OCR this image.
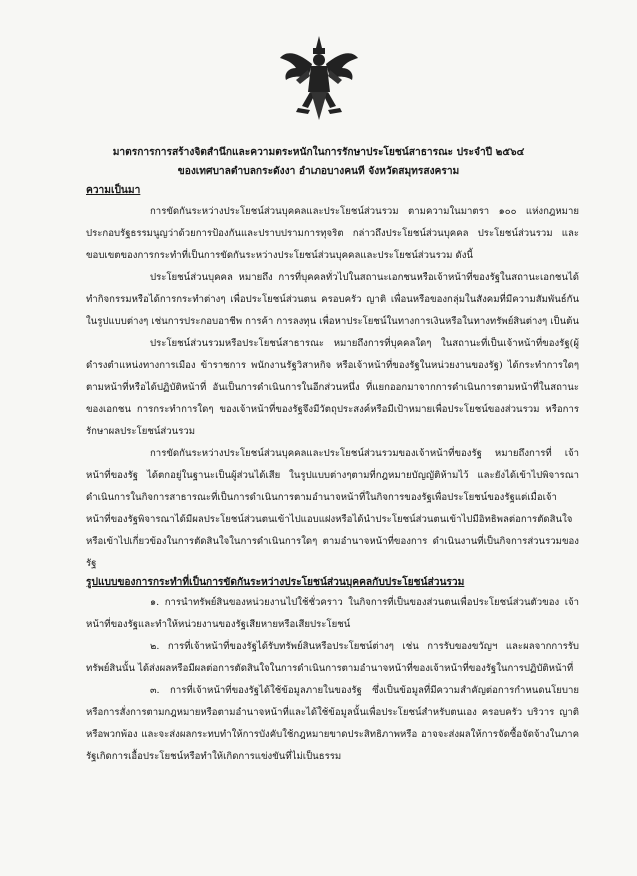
มาตรการการสร้างจิตสำนึกและความตระหนักในการรักษาประโยชน์สาธารณะ ประจำปี ๒๕๖๔
ของเทศบาลตำบลกระดังงา อำเภอบางคนที จังหวัดสมุทรสงคราม
ความเป็นมา

การขัดกันระหว่างประโยชน์ส่วนบุคคลและประโยชน์ส่วนรวม ตามความในมาตรา ๑๐๐ แห่งกฎหมายประกอบรัฐธรรมนูญว่าด้วยการป้องกันและปราบปรามการทุจริต กล่าวถึงประโยชน์ส่วนบุคคล ประโยชน์ส่วนรวม และขอบเขตของการกระทำที่เป็นการขัดกันระหว่างประโยชน์ส่วนบุคคลและประโยชน์ส่วนรวม ดังนี้

ประโยชน์ส่วนบุคคล หมายถึง การที่บุคคลทั่วไปในสถานะเอกชนหรือเจ้าหน้าที่ของรัฐในสถานะเอกชนได้ทำกิจกรรมหรือได้การกระทำต่างๆ เพื่อประโยชน์ส่วนตน ครอบครัว ญาติ เพื่อนหรือของกลุ่มในสังคมที่มีความสัมพันธ์กันในรูปแบบต่างๆ เช่นการประกอบอาชีพ การค้า การลงทุน เพื่อหาประโยชน์ในทางการเงินหรือในทางทรัพย์สินต่างๆ เป็นต้น

ประโยชน์ส่วนรวมหรือประโยชน์สาธารณะ หมายถึงการที่บุคคลใดๆ ในสถานะที่เป็นเจ้าหน้าที่ของรัฐ(ผู้ดำรงตำแหน่งทางการเมือง ข้าราชการ พนักงานรัฐวิสาหกิจ หรือเจ้าหน้าที่ของรัฐในหน่วยงานของรัฐ) ได้กระทำการใดๆ ตามหน้าที่หรือได้ปฏิบัติหน้าที่ อันเป็นการดำเนินการในอีกส่วนหนึ่ง ที่แยกออกมาจากการดำเนินการตามหน้าที่ในสถานะของเอกชน การกระทำการใดๆ ของเจ้าหน้าที่ของรัฐจึงมีวัตถุประสงค์หรือมีเป้าหมายเพื่อประโยชน์ของส่วนรวม หรือการรักษาผลประโยชน์ส่วนรวม

การขัดกันระหว่างประโยชน์ส่วนบุคคลและประโยชน์ส่วนรวมของเจ้าหน้าที่ของรัฐ หมายถึงการที่ เจ้าหน้าที่ของรัฐ ได้ตกอยู่ในฐานะเป็นผู้ส่วนได้เสีย ในรูปแบบต่างๆตามที่กฎหมายบัญญัติห้ามไว้ และยังได้เข้าไปพิจารณาดำเนินการในกิจการสาธารณะที่เป็นการดำเนินการตามอำนาจหน้าที่ในกิจการของรัฐเพื่อประโยชน์ของรัฐแต่เมื่อเจ้าหน้าที่ของรัฐพิจารณาได้มีผลประโยชน์ส่วนตนเข้าไปแอบแฝงหรือได้นำประโยชน์ส่วนตนเข้าไปมีอิทธิพลต่อการตัดสินใจ หรือเข้าไปเกี่ยวข้องในการตัดสินใจในการดำเนินการใดๆ ตามอำนาจหน้าที่ของการ ดำเนินงานที่เป็นกิจการส่วนรวมของรัฐ

รูปแบบของการกระทำที่เป็นการขัดกันระหว่างประโยชน์ส่วนบุคคลกับประโยชน์ส่วนรวม

๑. การนำทรัพย์สินของหน่วยงานไปใช้ชั่วคราว ในกิจการที่เป็นของส่วนตนเพื่อประโยชน์ส่วนตัวของ เจ้าหน้าที่ของรัฐและทำให้หน่วยงานของรัฐเสียหายหรือเสียประโยชน์

๒. การที่เจ้าหน้าที่ของรัฐได้รับทรัพย์สินหรือประโยชน์ต่างๆ เช่น การรับของขวัญฯ และผลจากการรับทรัพย์สินนั้น ได้ส่งผลหรือมีผลต่อการตัดสินใจในการดำเนินการตามอำนาจหน้าที่ของเจ้าหน้าที่ของรัฐในการปฏิบัติหน้าที่

๓. การที่เจ้าหน้าที่ของรัฐได้ใช้ข้อมูลภายในของรัฐ ซึ่งเป็นข้อมูลที่มีความสำคัญต่อการกำหนดนโยบาย หรือการสั่งการตามกฎหมายหรือตามอำนาจหน้าที่และได้ใช้ข้อมูลนั้นเพื่อประโยชน์สำหรับตนเอง ครอบครัว บริวาร ญาติหรือพวกพ้อง และจะส่งผลกระทบทำให้การบังคับใช้กฎหมายขาดประสิทธิภาพหรือ อาจจะส่งผลให้การจัดซื้อจัดจ้างในภาครัฐเกิดการเอื้อประโยชน์หรือทำให้เกิดการแข่งขันที่ไม่เป็นธรรม
